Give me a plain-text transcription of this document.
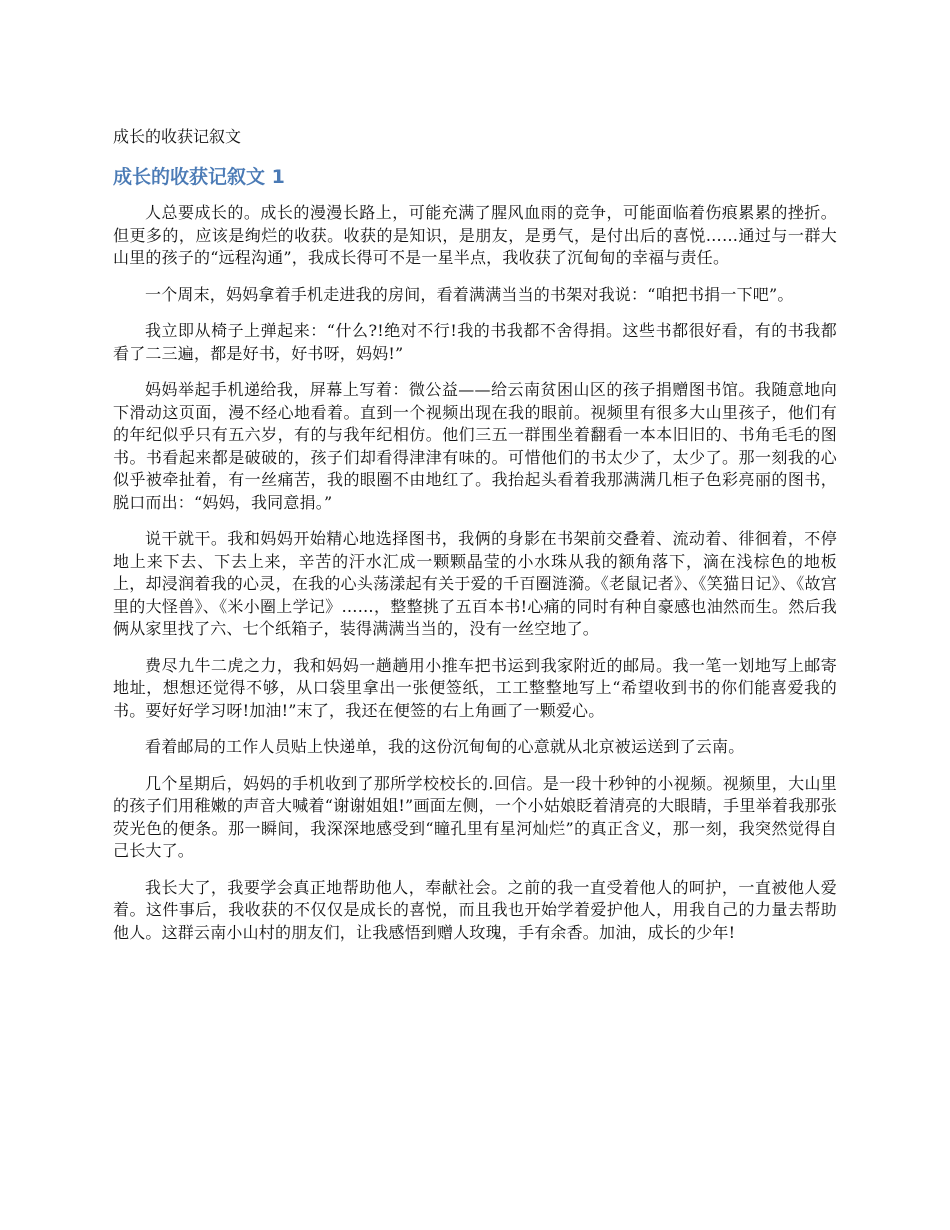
成长的收获记叙文
成长的收获记叙文 1

人总要成长的。成长的漫漫长路上，可能充满了腥风血雨的竞争，可能面临着伤痕累累的挫折。但更多的，应该是绚烂的收获。收获的是知识，是朋友，是勇气，是付出后的喜悦……通过与一群大山里的孩子的“远程沟通”，我成长得可不是一星半点，我收获了沉甸甸的幸福与责任。

一个周末，妈妈拿着手机走进我的房间，看着满满当当的书架对我说：“咱把书捐一下吧”。

我立即从椅子上弹起来：“什么?!绝对不行!我的书我都不舍得捐。这些书都很好看，有的书我都看了二三遍，都是好书，好书呀，妈妈!”

妈妈举起手机递给我，屏幕上写着：微公益——给云南贫困山区的孩子捐赠图书馆。我随意地向下滑动这页面，漫不经心地看着。直到一个视频出现在我的眼前。视频里有很多大山里孩子，他们有的年纪似乎只有五六岁，有的与我年纪相仿。他们三五一群围坐着翻看一本本旧旧的、书角毛毛的图书。书看起来都是破破的，孩子们却看得津津有味的。可惜他们的书太少了，太少了。那一刻我的心似乎被牵扯着，有一丝痛苦，我的眼圈不由地红了。我抬起头看着我那满满几柜子色彩亮丽的图书，脱口而出：“妈妈，我同意捐。”

说干就干。我和妈妈开始精心地选择图书，我俩的身影在书架前交叠着、流动着、徘徊着，不停地上来下去、下去上来，辛苦的汗水汇成一颗颗晶莹的小水珠从我的额角落下，滴在浅棕色的地板上，却浸润着我的心灵，在我的心头荡漾起有关于爱的千百圈涟漪。《老鼠记者》、《笑猫日记》、《故宫里的大怪兽》、《米小圈上学记》……，整整挑了五百本书!心痛的同时有种自豪感也油然而生。然后我俩从家里找了六、七个纸箱子，装得满满当当的，没有一丝空地了。

费尽九牛二虎之力，我和妈妈一趟趟用小推车把书运到我家附近的邮局。我一笔一划地写上邮寄地址，想想还觉得不够，从口袋里拿出一张便签纸，工工整整地写上“希望收到书的你们能喜爱我的书。要好好学习呀!加油!”末了，我还在便签的右上角画了一颗爱心。

看着邮局的工作人员贴上快递单，我的这份沉甸甸的心意就从北京被运送到了云南。

几个星期后，妈妈的手机收到了那所学校校长的.回信。是一段十秒钟的小视频。视频里，大山里的孩子们用稚嫩的声音大喊着“谢谢姐姐!”画面左侧，一个小姑娘眨着清亮的大眼睛，手里举着我那张荧光色的便条。那一瞬间，我深深地感受到“瞳孔里有星河灿烂”的真正含义，那一刻，我突然觉得自己长大了。

我长大了，我要学会真正地帮助他人，奉献社会。之前的我一直受着他人的呵护，一直被他人爱着。这件事后，我收获的不仅仅是成长的喜悦，而且我也开始学着爱护他人，用我自己的力量去帮助他人。这群云南小山村的朋友们，让我感悟到赠人玫瑰，手有余香。加油，成长的少年!
